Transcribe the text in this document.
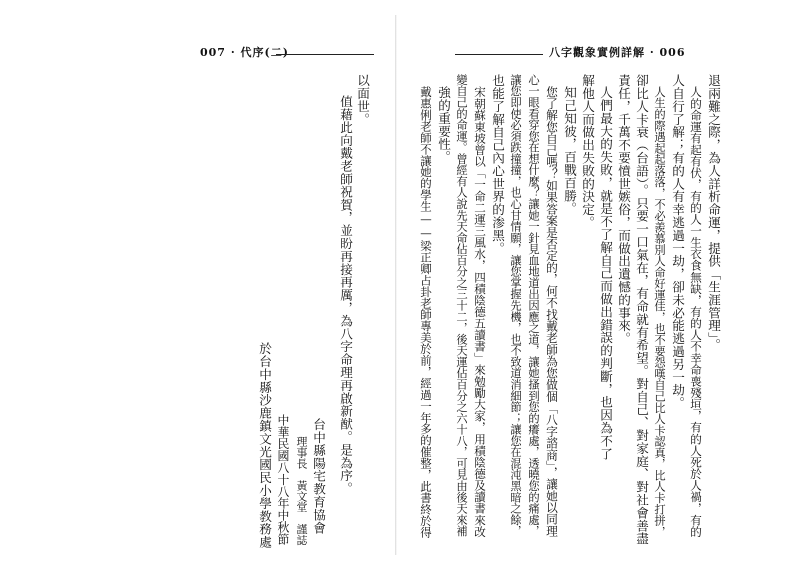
007 · 代序(二)
以面世。
值藉此向戴老師祝賀，並盼再接再厲，為八字命理再啟新猷。是為序。
台中縣陽宅教育協會
理事長　黃文堂　謹誌
中華民國八十八年中秋節
於台中縣沙鹿鎮文光國民小學教務處
八字觀象實例詳解 · 006
退兩難之際，為人詳析命運，提供「生涯管理」。
人的命運有起有伏，有的人一生衣食無缺，有的人不幸命喪殘垣，有的人死於人禍，有的
人自行了解；有的人有幸逃過一劫，卻未必能逃過另一劫。
人生的際遇起起落落，不必羨慕別人命好運佳，也不要怨嘆自己比人卡認真，比人卡打拼，
卻比人卡衰（台語）。只要一口氣在，有命就有希望。對自己、對家庭、對社會善盡
責任，千萬不要憤世嫉俗，而做出遺憾的事來。
人們最大的失敗，就是不了解自己而做出錯誤的判斷，也因為不了
解他人而做出失敗的決定。
知己知彼，百戰百勝。
您了解您自己嗎？如果答案是否定的，何不找戴老師為您做個「八字諮商」，讓她以同理
心一眼看穿您在想什麼？讓她一針見血地道出因應之道，讓她搔到您的癢處，透曉您的痛處，
讓您即使必須跌撞撞，也心甘情願，讓您掌握先機，也不致道消細節；讓您在混沌黑暗之餘，
也能了解自己內心世界的渗黑。
宋朝蘇東坡曾以「一命二運三風水，四積陰德五讀書」來勉勵大家，用積陰德及讀書來改
變自己的命運。曾經有人說先天命佔百分之三十二，後天運佔百分之六十八，可見由後天來補
強的重要性。
戴惠俐老師不讓她的學生——梁正卿占卦老師專美於前，經過一年多的催整，此書終於得
